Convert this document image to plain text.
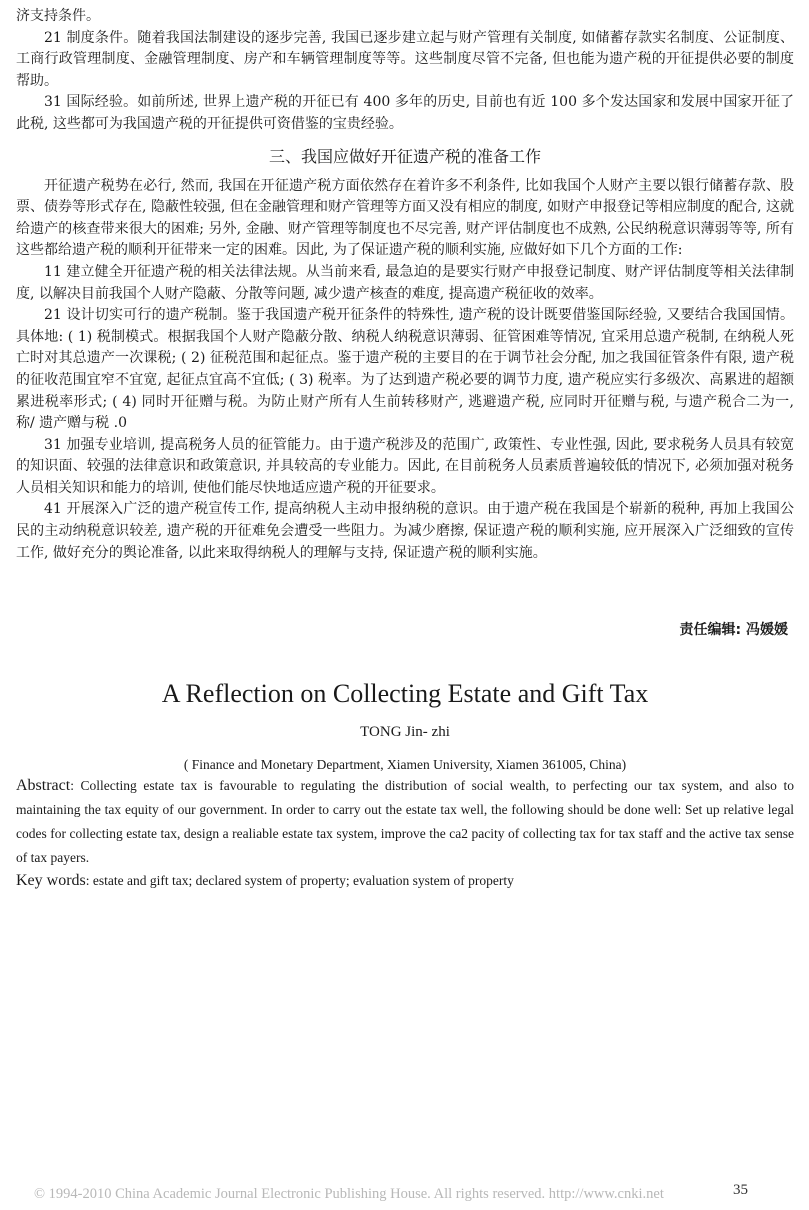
济支持条件。

21 制度条件。随着我国法制建设的逐步完善, 我国已逐步建立起与财产管理有关制度, 如储蓄存款实名制度、公证制度、工商行政管理制度、金融管理制度、房产和车辆管理制度等等。这些制度尽管不完备, 但也能为遗产税的开征提供必要的制度帮助。

31 国际经验。如前所述, 世界上遗产税的开征已有 400 多年的历史, 目前也有近 100 多个发达国家和发展中国家开征了此税, 这些都可为我国遗产税的开征提供可资借鉴的宝贵经验。

三、我国应做好开征遗产税的准备工作

开征遗产税势在必行, 然而, 我国在开征遗产税方面依然存在着许多不利条件, 比如我国个人财产主要以银行储蓄存款、股票、债券等形式存在, 隐蔽性较强, 但在金融管理和财产管理等方面又没有相应的制度, 如财产申报登记等相应制度的配合, 这就给遗产的核查带来很大的困难; 另外, 金融、财产管理等制度也不尽完善, 财产评估制度也不成熟, 公民纳税意识薄弱等等, 所有这些都给遗产税的顺利开征带来一定的困难。因此, 为了保证遗产税的顺利实施, 应做好如下几个方面的工作:

11 建立健全开征遗产税的相关法律法规。从当前来看, 最急迫的是要实行财产申报登记制度、财产评估制度等相关法律制度, 以解决目前我国个人财产隐蔽、分散等问题, 减少遗产核查的难度, 提高遗产税征收的效率。

21 设计切实可行的遗产税制。鉴于我国遗产税开征条件的特殊性, 遗产税的设计既要借鉴国际经验, 又要结合我国国情。具体地: ( 1) 税制模式。根据我国个人财产隐蔽分散、纳税人纳税意识薄弱、征管困难等情况, 宜采用总遗产税制, 在纳税人死亡时对其总遗产一次课税; ( 2) 征税范围和起征点。鉴于遗产税的主要目的在于调节社会分配, 加之我国征管条件有限, 遗产税的征收范围宜窄不宜宽, 起征点宜高不宜低; ( 3) 税率。为了达到遗产税必要的调节力度, 遗产税应实行多级次、高累进的超额累进税率形式; ( 4) 同时开征赠与税。为防止财产所有人生前转移财产, 逃避遗产税, 应同时开征赠与税, 与遗产税合二为一, 称/ 遗产赠与税 .0

31 加强专业培训, 提高税务人员的征管能力。由于遗产税涉及的范围广, 政策性、专业性强, 因此, 要求税务人员具有较宽的知识面、较强的法律意识和政策意识, 并具较高的专业能力。因此, 在目前税务人员素质普遍较低的情况下, 必须加强对税务人员相关知识和能力的培训, 使他们能尽快地适应遗产税的开征要求。

41 开展深入广泛的遗产税宣传工作, 提高纳税人主动申报纳税的意识。由于遗产税在我国是个崭新的税种, 再加上我国公民的主动纳税意识较差, 遗产税的开征难免会遭受一些阻力。为减少磨擦, 保证遗产税的顺利实施, 应开展深入广泛细致的宣传工作, 做好充分的舆论准备, 以此来取得纳税人的理解与支持, 保证遗产税的顺利实施。

责任编辑: 冯媛媛
A Reflection on Collecting Estate and Gift Tax
TONG Jin- zhi
( Finance and Monetary Department, Xiamen University, Xiamen 361005, China)

Abstract: Collecting estate tax is favourable to regulating the distribution of social wealth, to perfecting our tax system, and also to maintaining the tax equity of our government. In order to carry out the estate tax well, the following should be done well: Set up relative legal codes for collecting estate tax, design a realiable estate tax system, improve the ca2 pacity of collecting tax for tax staff and the active tax sense of tax payers.

Key words: estate and gift tax; declared system of property; evaluation system of property

© 1994-2010 China Academic Journal Electronic Publishing House. All rights reserved. http://www.cnki.net	35
